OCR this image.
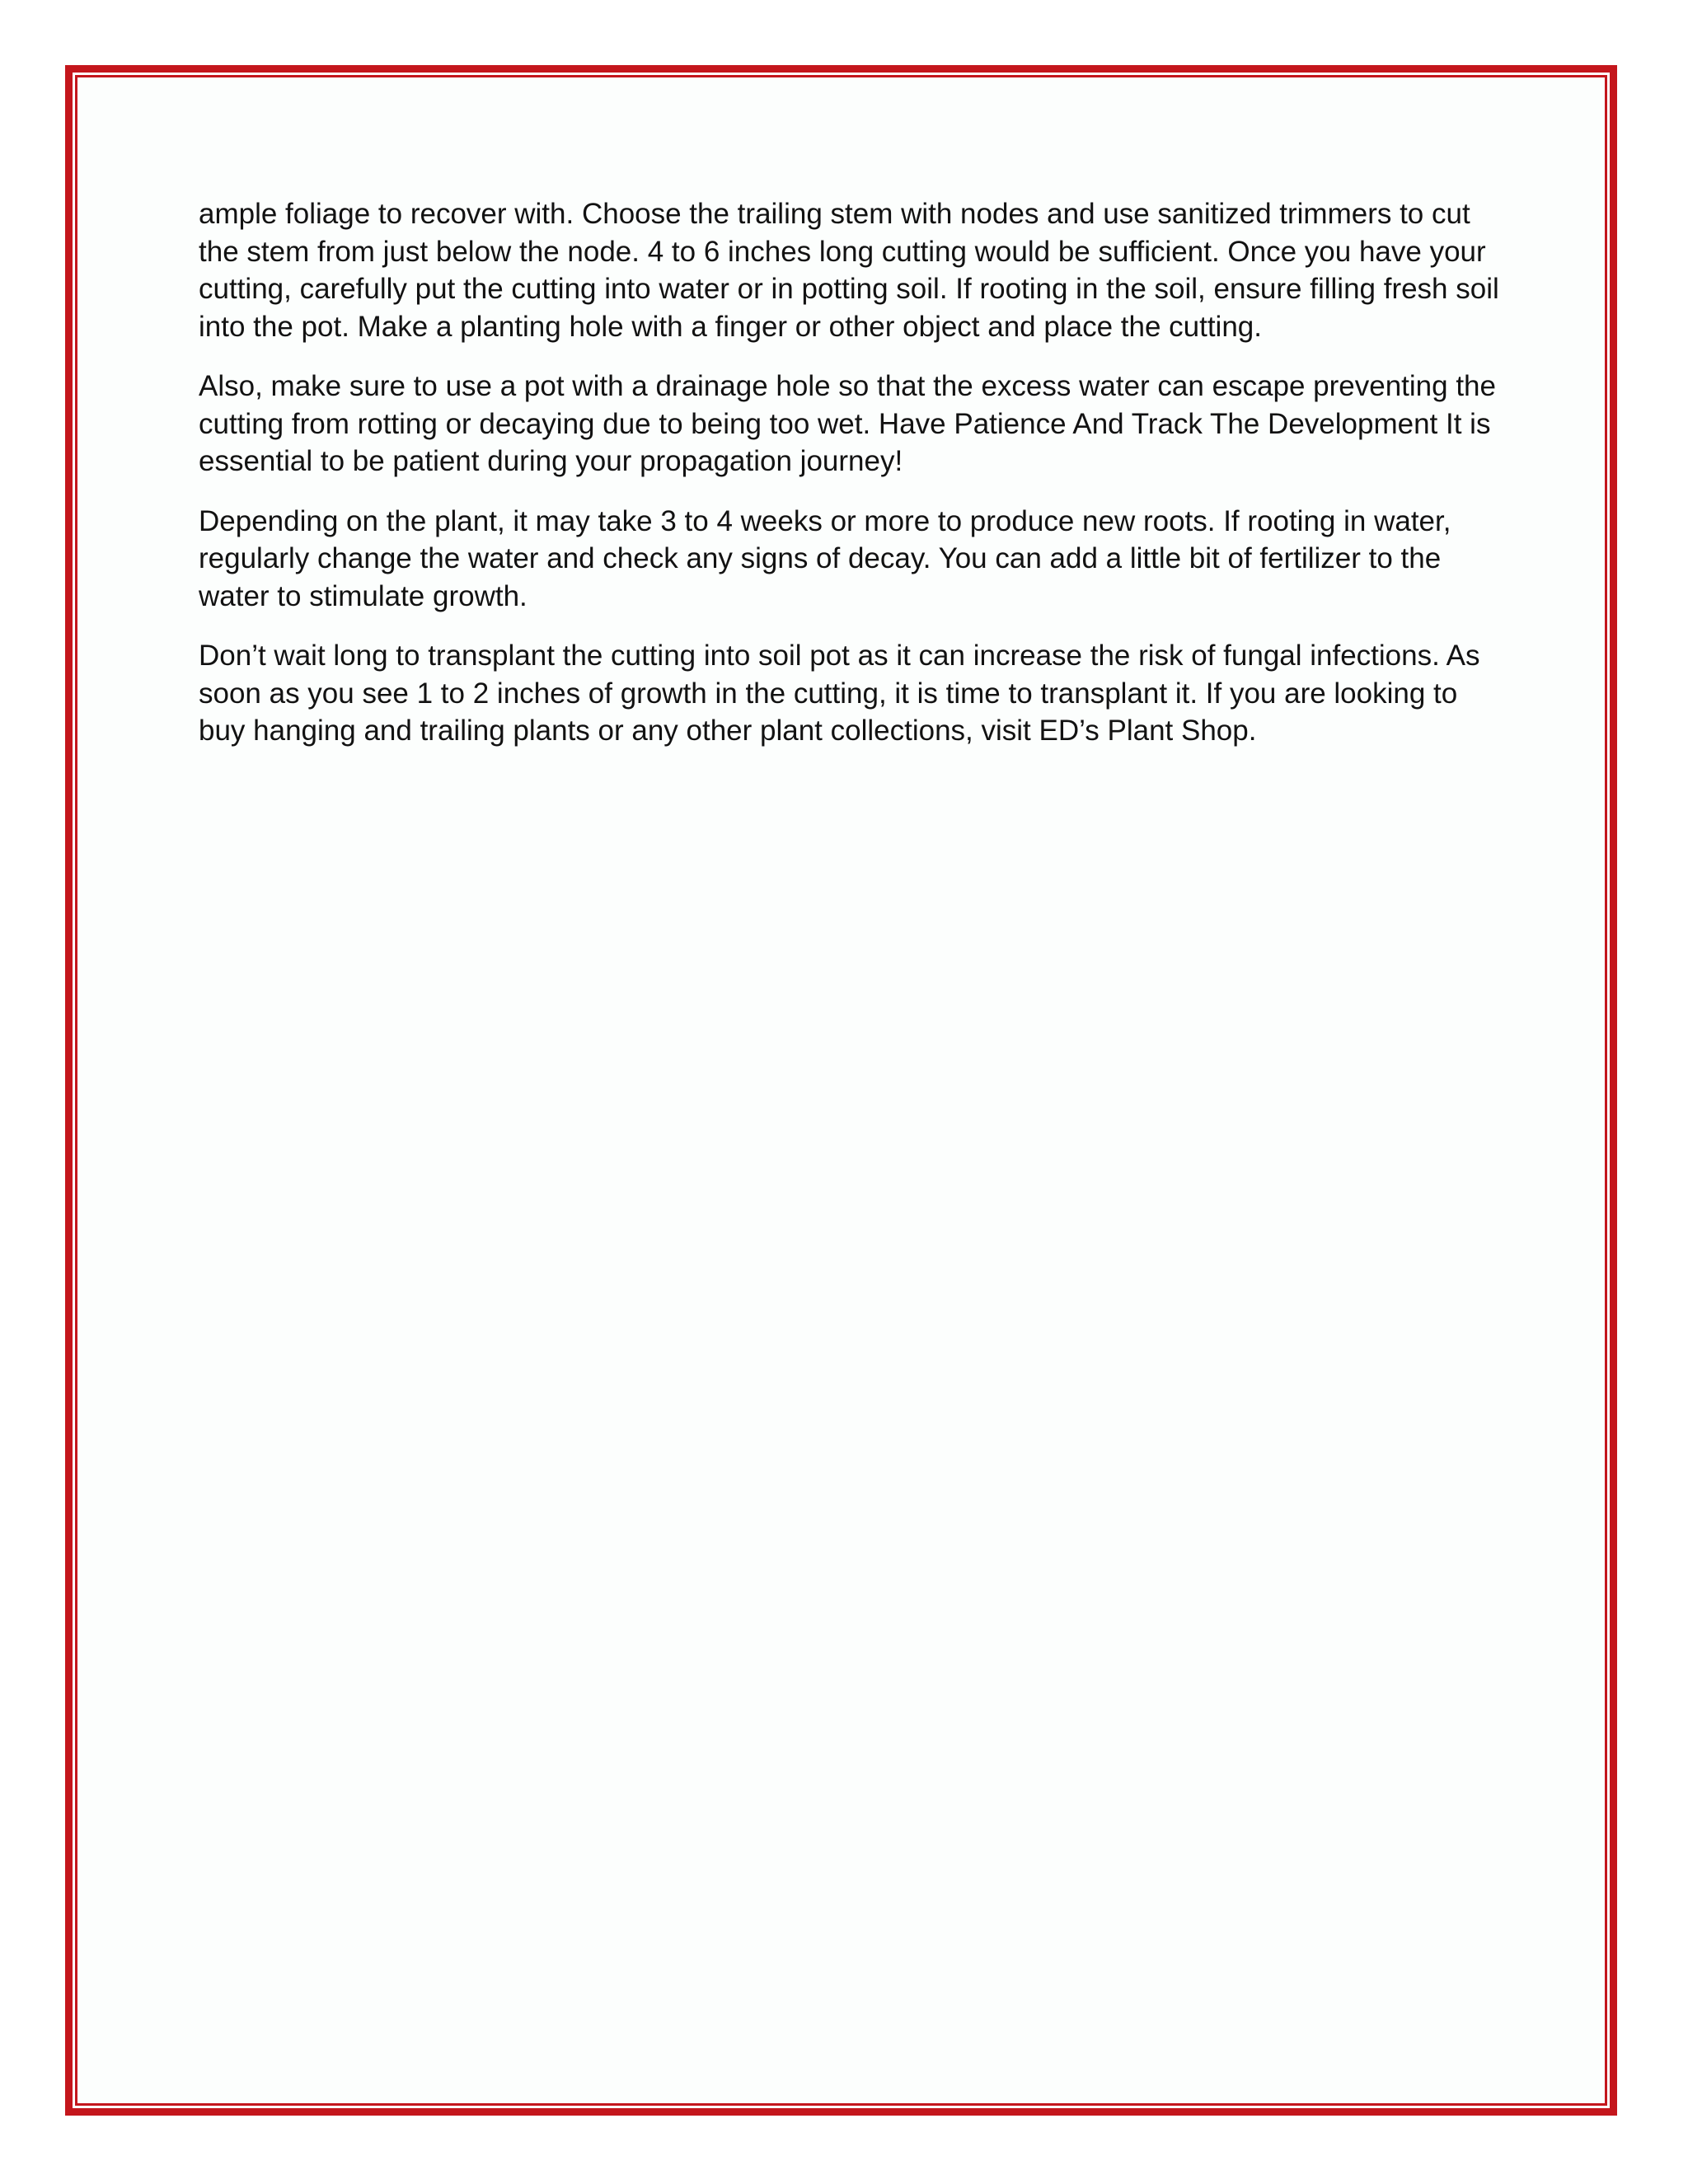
ample foliage to recover with. Choose the trailing stem with nodes and use sanitized trimmers to cut the stem from just below the node. 4 to 6 inches long cutting would be sufficient. Once you have your cutting, carefully put the cutting into water or in potting soil. If rooting in the soil, ensure filling fresh soil into the pot. Make a planting hole with a finger or other object and place the cutting.

Also, make sure to use a pot with a drainage hole so that the excess water can escape preventing the cutting from rotting or decaying due to being too wet. Have Patience And Track The Development It is essential to be patient during your propagation journey!

Depending on the plant, it may take 3 to 4 weeks or more to produce new roots. If rooting in water, regularly change the water and check any signs of decay. You can add a little bit of fertilizer to the water to stimulate growth.

Don’t wait long to transplant the cutting into soil pot as it can increase the risk of fungal infections. As soon as you see 1 to 2 inches of growth in the cutting, it is time to transplant it. If you are looking to buy hanging and trailing plants or any other plant collections, visit ED’s Plant Shop.
